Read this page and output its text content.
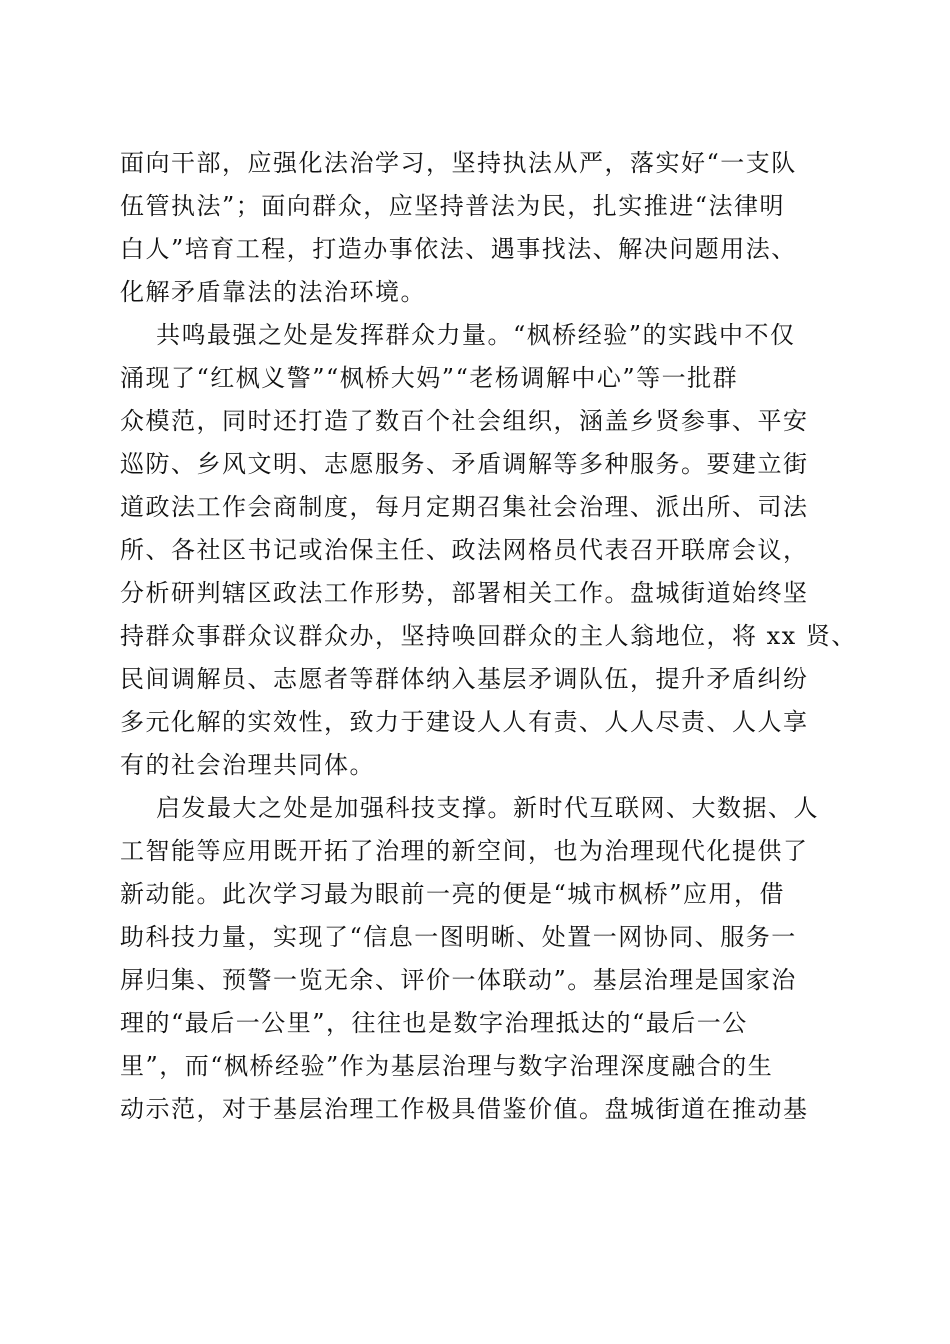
面向干部，应强化法治学习，坚持执法从严，落实好“一支队
伍管执法”；面向群众，应坚持普法为民，扎实推进“法律明
白人”培育工程，打造办事依法、遇事找法、解决问题用法、
化解矛盾靠法的法治环境。
共鸣最强之处是发挥群众力量。“枫桥经验”的实践中不仅
涌现了“红枫义警”“枫桥大妈”“老杨调解中心”等一批群
众模范，同时还打造了数百个社会组织，涵盖乡贤参事、平安
巡防、乡风文明、志愿服务、矛盾调解等多种服务。要建立街
道政法工作会商制度，每月定期召集社会治理、派出所、司法
所、各社区书记或治保主任、政法网格员代表召开联席会议，
分析研判辖区政法工作形势，部署相关工作。盘城街道始终坚
持群众事群众议群众办，坚持唤回群众的主人翁地位，将 xx 贤、
民间调解员、志愿者等群体纳入基层矛调队伍，提升矛盾纠纷
多元化解的实效性，致力于建设人人有责、人人尽责、人人享
有的社会治理共同体。
启发最大之处是加强科技支撑。新时代互联网、大数据、人
工智能等应用既开拓了治理的新空间，也为治理现代化提供了
新动能。此次学习最为眼前一亮的便是“城市枫桥”应用，借
助科技力量，实现了“信息一图明晰、处置一网协同、服务一
屏归集、预警一览无余、评价一体联动”。基层治理是国家治
理的“最后一公里”，往往也是数字治理抵达的“最后一公
里”，而“枫桥经验”作为基层治理与数字治理深度融合的生
动示范，对于基层治理工作极具借鉴价值。盘城街道在推动基
